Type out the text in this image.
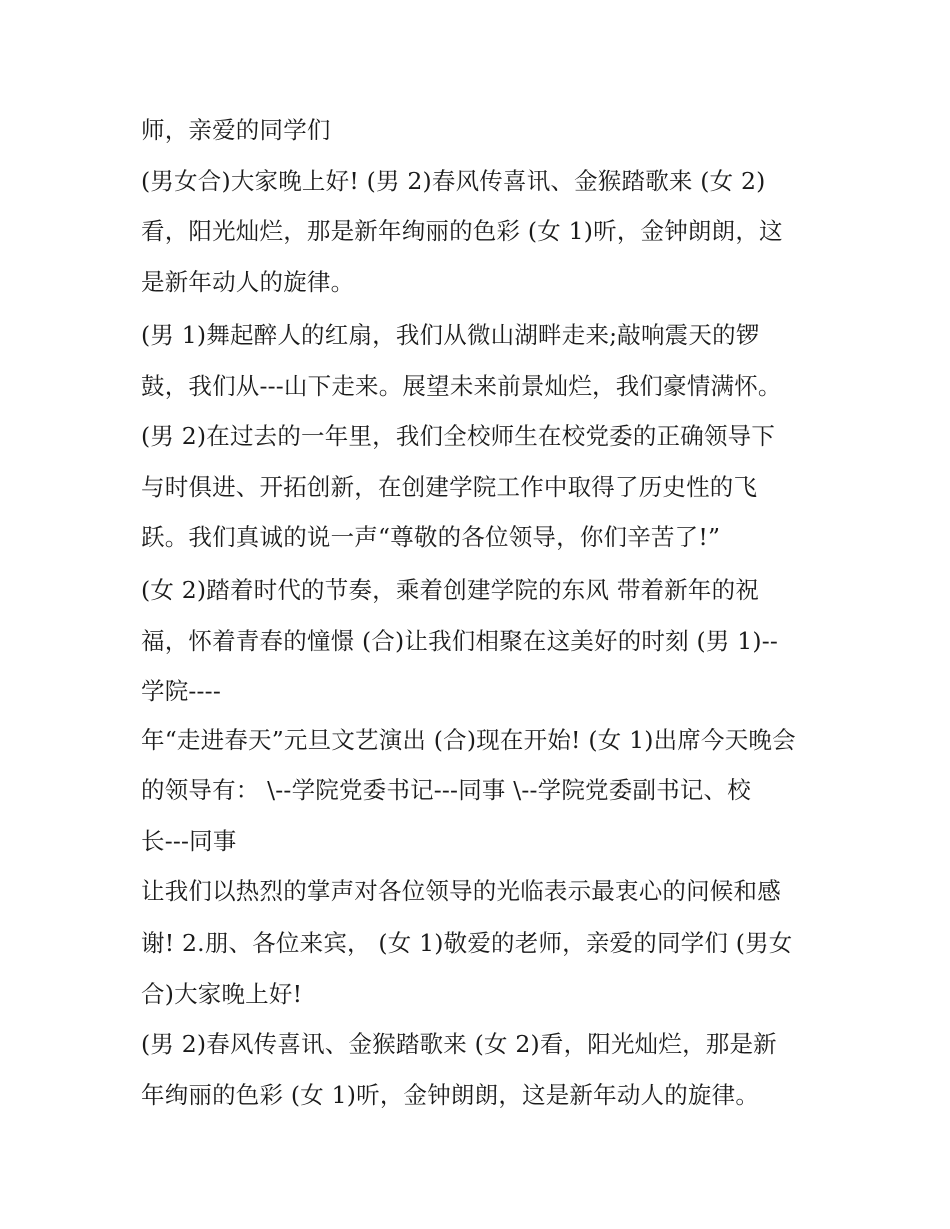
师，亲爱的同学们

(男女合)大家晚上好! (男 2)春风传喜讯、金猴踏歌来 (女 2)

看，阳光灿烂，那是新年绚丽的色彩 (女 1)听，金钟朗朗，这

是新年动人的旋律。

(男 1)舞起醉人的红扇，我们从微山湖畔走来;敲响震天的锣

鼓，我们从---山下走来。展望未来前景灿烂，我们豪情满怀。

(男 2)在过去的一年里，我们全校师生在校党委的正确领导下

与时俱进、开拓创新，在创建学院工作中取得了历史性的飞

跃。我们真诚的说一声“尊敬的各位领导，你们辛苦了!”

(女 2)踏着时代的节奏，乘着创建学院的东风 带着新年的祝

福，怀着青春的憧憬 (合)让我们相聚在这美好的时刻 (男 1)--

学院----

年“走进春天”元旦文艺演出 (合)现在开始! (女 1)出席今天晚会

的领导有： \--学院党委书记---同事 \--学院党委副书记、校

长---同事

让我们以热烈的掌声对各位领导的光临表示最衷心的问候和感

谢! 2.朋、各位来宾， (女 1)敬爱的老师，亲爱的同学们 (男女

合)大家晚上好!

(男 2)春风传喜讯、金猴踏歌来 (女 2)看，阳光灿烂，那是新

年绚丽的色彩 (女 1)听，金钟朗朗，这是新年动人的旋律。
